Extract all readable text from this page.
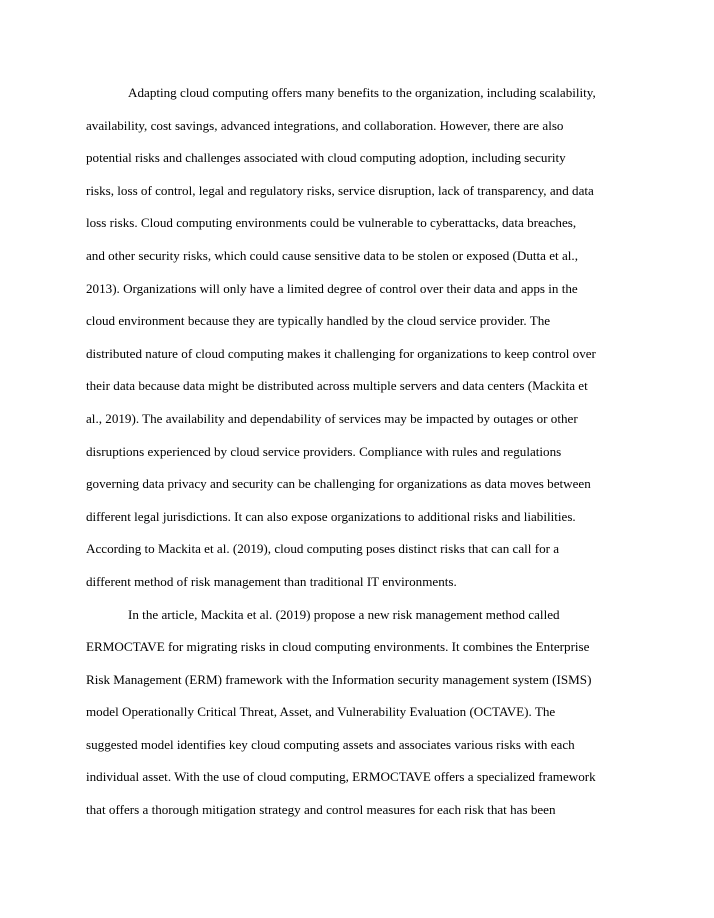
Adapting cloud computing offers many benefits to the organization, including scalability,
availability, cost savings, advanced integrations, and collaboration. However, there are also
potential risks and challenges associated with cloud computing adoption, including security
risks, loss of control, legal and regulatory risks, service disruption, lack of transparency, and data
loss risks. Cloud computing environments could be vulnerable to cyberattacks, data breaches,
and other security risks, which could cause sensitive data to be stolen or exposed (Dutta et al.,
2013). Organizations will only have a limited degree of control over their data and apps in the
cloud environment because they are typically handled by the cloud service provider. The
distributed nature of cloud computing makes it challenging for organizations to keep control over
their data because data might be distributed across multiple servers and data centers (Mackita et
al., 2019). The availability and dependability of services may be impacted by outages or other
disruptions experienced by cloud service providers. Compliance with rules and regulations
governing data privacy and security can be challenging for organizations as data moves between
different legal jurisdictions. It can also expose organizations to additional risks and liabilities.
According to Mackita et al. (2019), cloud computing poses distinct risks that can call for a
different method of risk management than traditional IT environments.
In the article, Mackita et al. (2019) propose a new risk management method called
ERMOCTAVE for migrating risks in cloud computing environments. It combines the Enterprise
Risk Management (ERM) framework with the Information security management system (ISMS)
model Operationally Critical Threat, Asset, and Vulnerability Evaluation (OCTAVE). The
suggested model identifies key cloud computing assets and associates various risks with each
individual asset. With the use of cloud computing, ERMOCTAVE offers a specialized framework
that offers a thorough mitigation strategy and control measures for each risk that has been
